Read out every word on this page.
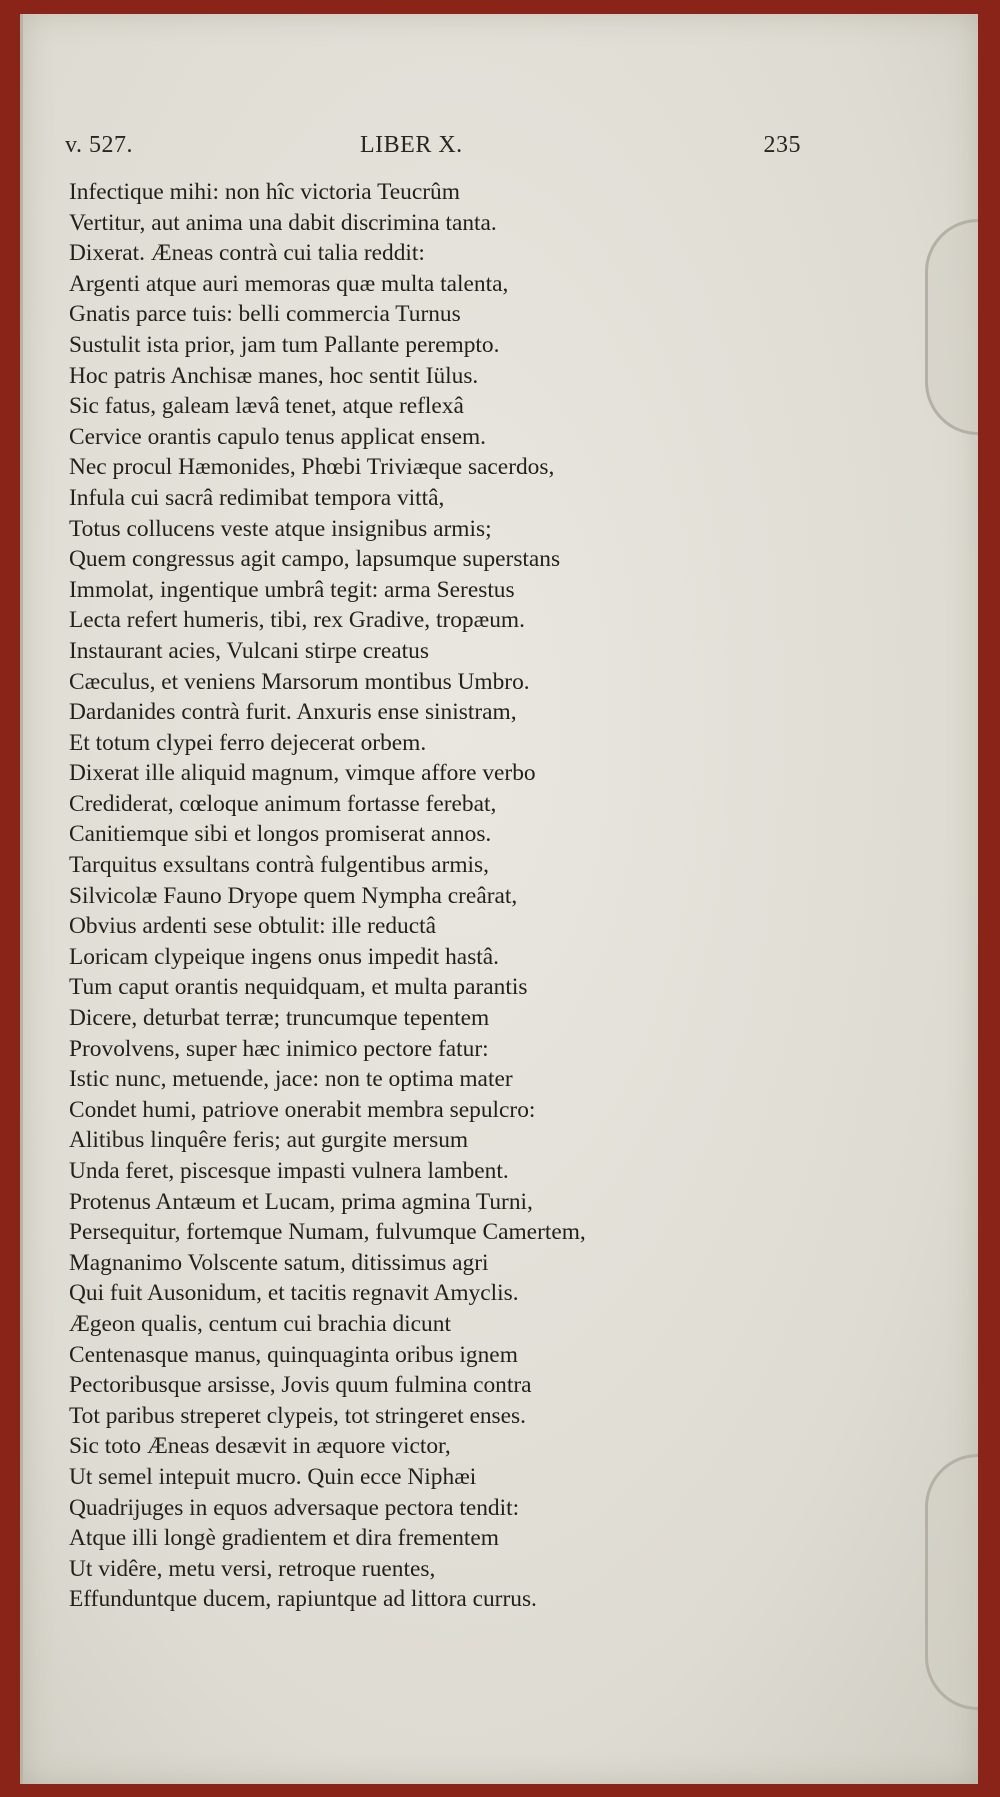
v. 527.	LIBER X.	235
Infectique mihi: non hîc victoria Teucrûm
Vertitur, aut anima una dabit discrimina tanta.
Dixerat. Æneas contrà cui talia reddit:
Argenti atque auri memoras quæ multa talenta,
Gnatis parce tuis: belli commercia Turnus
Sustulit ista prior, jam tum Pallante perempto.
Hoc patris Anchisæ manes, hoc sentit Iülus.
Sic fatus, galeam lævâ tenet, atque reflexâ
Cervice orantis capulo tenus applicat ensem.
Nec procul Hæmonides, Phœbi Triviæque sacerdos,
Infula cui sacrâ redimibat tempora vittâ,
Totus collucens veste atque insignibus armis;
Quem congressus agit campo, lapsumque superstans
Immolat, ingentique umbrâ tegit: arma Serestus
Lecta refert humeris, tibi, rex Gradive, tropæum.
Instaurant acies, Vulcani stirpe creatus
Cæculus, et veniens Marsorum montibus Umbro.
Dardanides contrà furit. Anxuris ense sinistram,
Et totum clypei ferro dejecerat orbem.
Dixerat ille aliquid magnum, vimque affore verbo
Crediderat, cœloque animum fortasse ferebat,
Canitiemque sibi et longos promiserat annos.
Tarquitus exsultans contrà fulgentibus armis,
Silvicolæ Fauno Dryope quem Nympha creârat,
Obvius ardenti sese obtulit: ille reductâ
Loricam clypeique ingens onus impedit hastâ.
Tum caput orantis nequidquam, et multa parantis
Dicere, deturbat terræ; truncumque tepentem
Provolvens, super hæc inimico pectore fatur:
Istic nunc, metuende, jace: non te optima mater
Condet humi, patriove onerabit membra sepulcro:
Alitibus linquêre feris; aut gurgite mersum
Unda feret, piscesque impasti vulnera lambent.
Protenus Antæum et Lucam, prima agmina Turni,
Persequitur, fortemque Numam, fulvumque Camertem,
Magnanimo Volscente satum, ditissimus agri
Qui fuit Ausonidum, et tacitis regnavit Amyclis.
Ægeon qualis, centum cui brachia dicunt
Centenasque manus, quinquaginta oribus ignem
Pectoribusque arsisse, Jovis quum fulmina contra
Tot paribus streperet clypeis, tot stringeret enses.
Sic toto Æneas desævit in æquore victor,
Ut semel intepuit mucro. Quin ecce Niphæi
Quadrijuges in equos adversaque pectora tendit:
Atque illi longè gradientem et dira frementem
Ut vidêre, metu versi, retroque ruentes,
Effunduntque ducem, rapiuntque ad littora currus.
